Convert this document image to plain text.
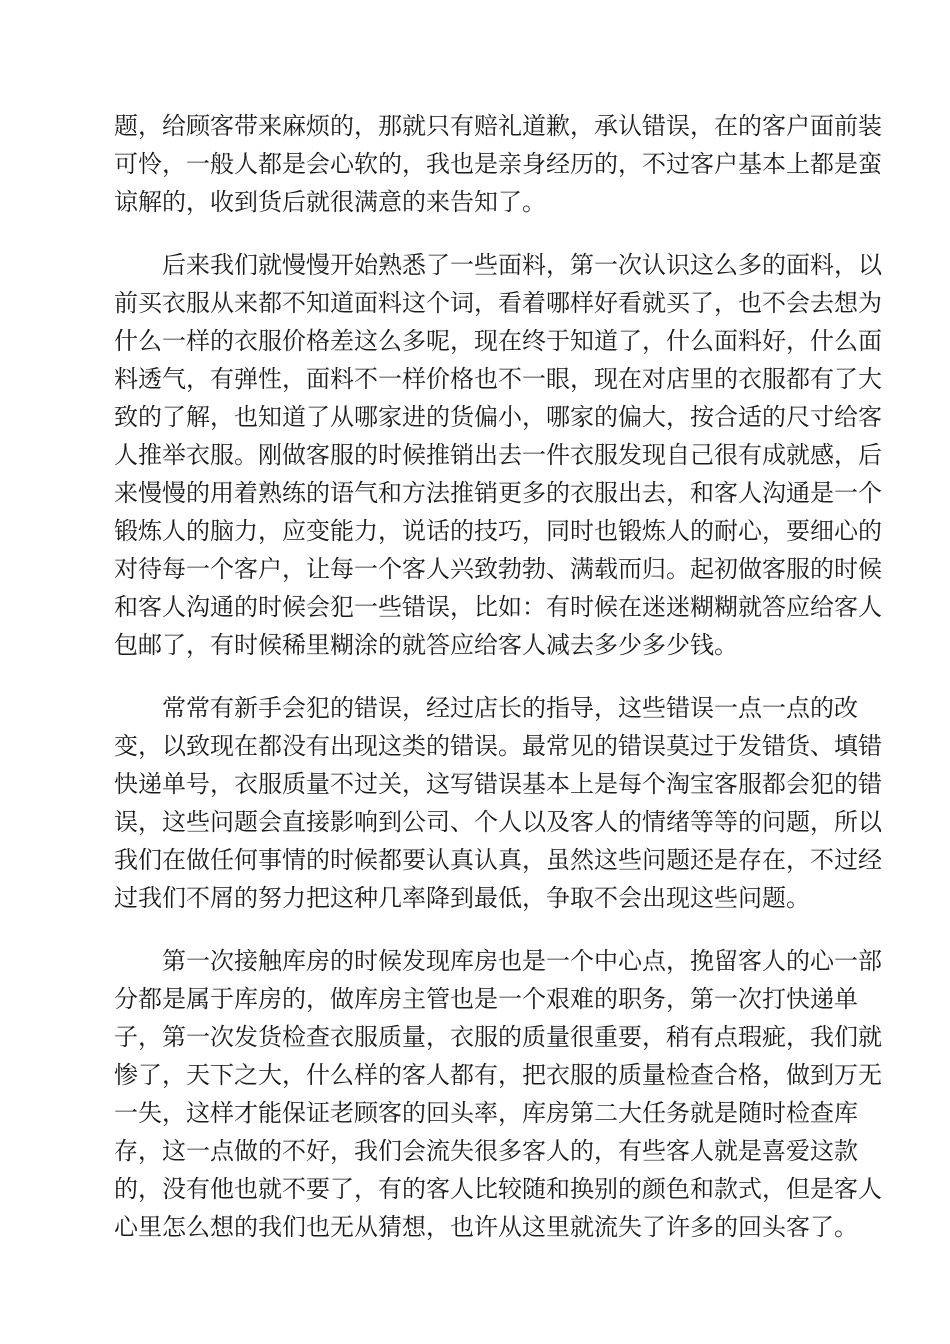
题，给顾客带来麻烦的，那就只有赔礼道歉，承认错误，在的客户面前装
可怜，一般人都是会心软的，我也是亲身经历的，不过客户基本上都是蛮
谅解的，收到货后就很满意的来告知了。
后来我们就慢慢开始熟悉了一些面料，第一次认识这么多的面料，以
前买衣服从来都不知道面料这个词，看着哪样好看就买了，也不会去想为
什么一样的衣服价格差这么多呢，现在终于知道了，什么面料好，什么面
料透气，有弹性，面料不一样价格也不一眼，现在对店里的衣服都有了大
致的了解，也知道了从哪家进的货偏小，哪家的偏大，按合适的尺寸给客
人推举衣服。刚做客服的时候推销出去一件衣服发现自己很有成就感，后
来慢慢的用着熟练的语气和方法推销更多的衣服出去，和客人沟通是一个
锻炼人的脑力，应变能力，说话的技巧，同时也锻炼人的耐心，要细心的
对待每一个客户，让每一个客人兴致勃勃、满载而归。起初做客服的时候
和客人沟通的时候会犯一些错误，比如：有时候在迷迷糊糊就答应给客人
包邮了，有时候稀里糊涂的就答应给客人减去多少多少钱。
常常有新手会犯的错误，经过店长的指导，这些错误一点一点的改
变，以致现在都没有出现这类的错误。最常见的错误莫过于发错货、填错
快递单号，衣服质量不过关，这写错误基本上是每个淘宝客服都会犯的错
误，这些问题会直接影响到公司、个人以及客人的情绪等等的问题，所以
我们在做任何事情的时候都要认真认真，虽然这些问题还是存在，不过经
过我们不屑的努力把这种几率降到最低，争取不会出现这些问题。
第一次接触库房的时候发现库房也是一个中心点，挽留客人的心一部
分都是属于库房的，做库房主管也是一个艰难的职务，第一次打快递单
子，第一次发货检查衣服质量，衣服的质量很重要，稍有点瑕疵，我们就
惨了，天下之大，什么样的客人都有，把衣服的质量检查合格，做到万无
一失，这样才能保证老顾客的回头率，库房第二大任务就是随时检查库
存，这一点做的不好，我们会流失很多客人的，有些客人就是喜爱这款
的，没有他也就不要了，有的客人比较随和换别的颜色和款式，但是客人
心里怎么想的我们也无从猜想，也许从这里就流失了许多的回头客了。
